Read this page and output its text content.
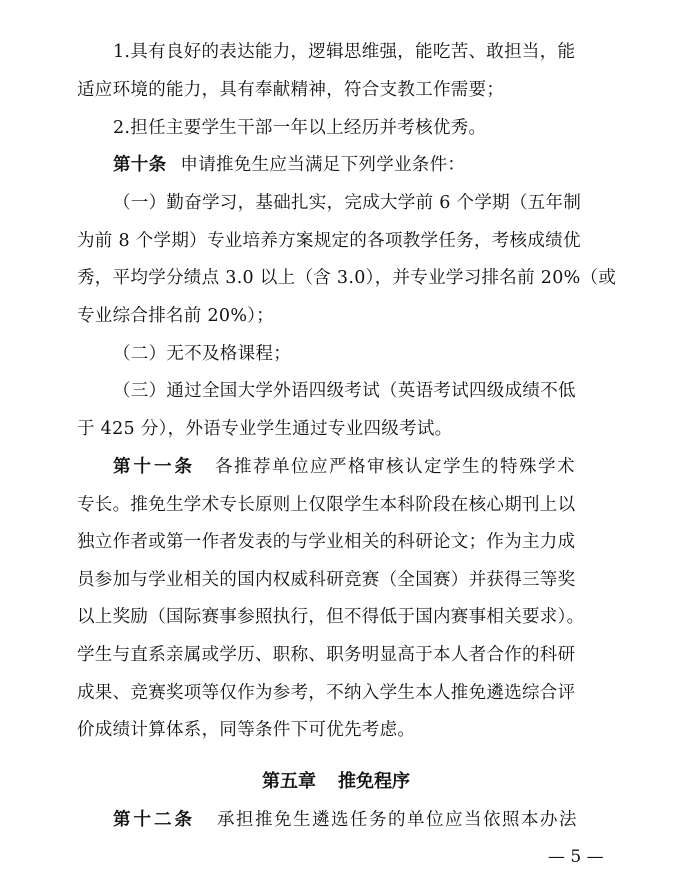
1.具有良好的表达能力，逻辑思维强，能吃苦、敢担当，能
适应环境的能力，具有奉献精神，符合支教工作需要；
2.担任主要学生干部一年以上经历并考核优秀。
第十条 申请推免生应当满足下列学业条件：
（一）勤奋学习，基础扎实，完成大学前 6 个学期（五年制
为前 8 个学期）专业培养方案规定的各项教学任务，考核成绩优
秀，平均学分绩点 3.0 以上（含 3.0），并专业学习排名前 20%（或
专业综合排名前 20%）；
（二）无不及格课程；
（三）通过全国大学外语四级考试（英语考试四级成绩不低
于 425 分），外语专业学生通过专业四级考试。
第十一条 各推荐单位应严格审核认定学生的特殊学术
专长。推免生学术专长原则上仅限学生本科阶段在核心期刊上以
独立作者或第一作者发表的与学业相关的科研论文；作为主力成
员参加与学业相关的国内权威科研竞赛（全国赛）并获得三等奖
以上奖励（国际赛事参照执行，但不得低于国内赛事相关要求）。
学生与直系亲属或学历、职称、职务明显高于本人者合作的科研
成果、竞赛奖项等仅作为参考，不纳入学生本人推免遴选综合评
价成绩计算体系，同等条件下可优先考虑。
第五章 推免程序
第十二条 承担推免生遴选任务的单位应当依照本办法
— 5 —
